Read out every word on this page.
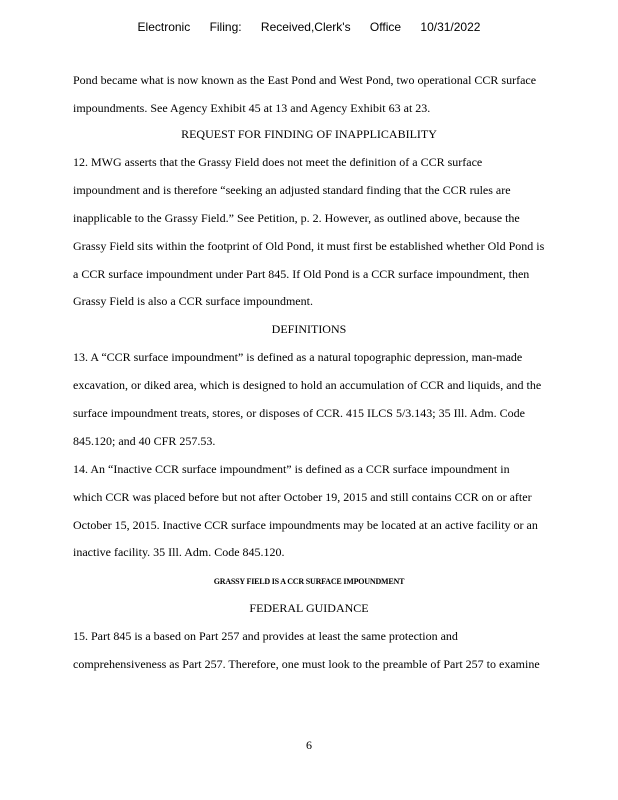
Electronic Filing: Received,Clerk's Office 10/31/2022
Pond became what is now known as the East Pond and West Pond, two operational CCR surface
impoundments. See Agency Exhibit 45 at 13 and Agency Exhibit 63 at 23.
REQUEST FOR FINDING OF INAPPLICABILITY
12. MWG asserts that the Grassy Field does not meet the definition of a CCR surface
impoundment and is therefore “seeking an adjusted standard finding that the CCR rules are
inapplicable to the Grassy Field.” See Petition, p. 2. However, as outlined above, because the
Grassy Field sits within the footprint of Old Pond, it must first be established whether Old Pond is
a CCR surface impoundment under Part 845. If Old Pond is a CCR surface impoundment, then
Grassy Field is also a CCR surface impoundment.
DEFINITIONS
13. A “CCR surface impoundment” is defined as a natural topographic depression, man-made
excavation, or diked area, which is designed to hold an accumulation of CCR and liquids, and the
surface impoundment treats, stores, or disposes of CCR. 415 ILCS 5/3.143; 35 Ill. Adm. Code
845.120; and 40 CFR 257.53.
14. An “Inactive CCR surface impoundment” is defined as a CCR surface impoundment in
which CCR was placed before but not after October 19, 2015 and still contains CCR on or after
October 15, 2015. Inactive CCR surface impoundments may be located at an active facility or an
inactive facility. 35 Ill. Adm. Code 845.120.
GRASSY FIELD IS A CCR SURFACE IMPOUNDMENT
FEDERAL GUIDANCE
15. Part 845 is a based on Part 257 and provides at least the same protection and
comprehensiveness as Part 257. Therefore, one must look to the preamble of Part 257 to examine
6
